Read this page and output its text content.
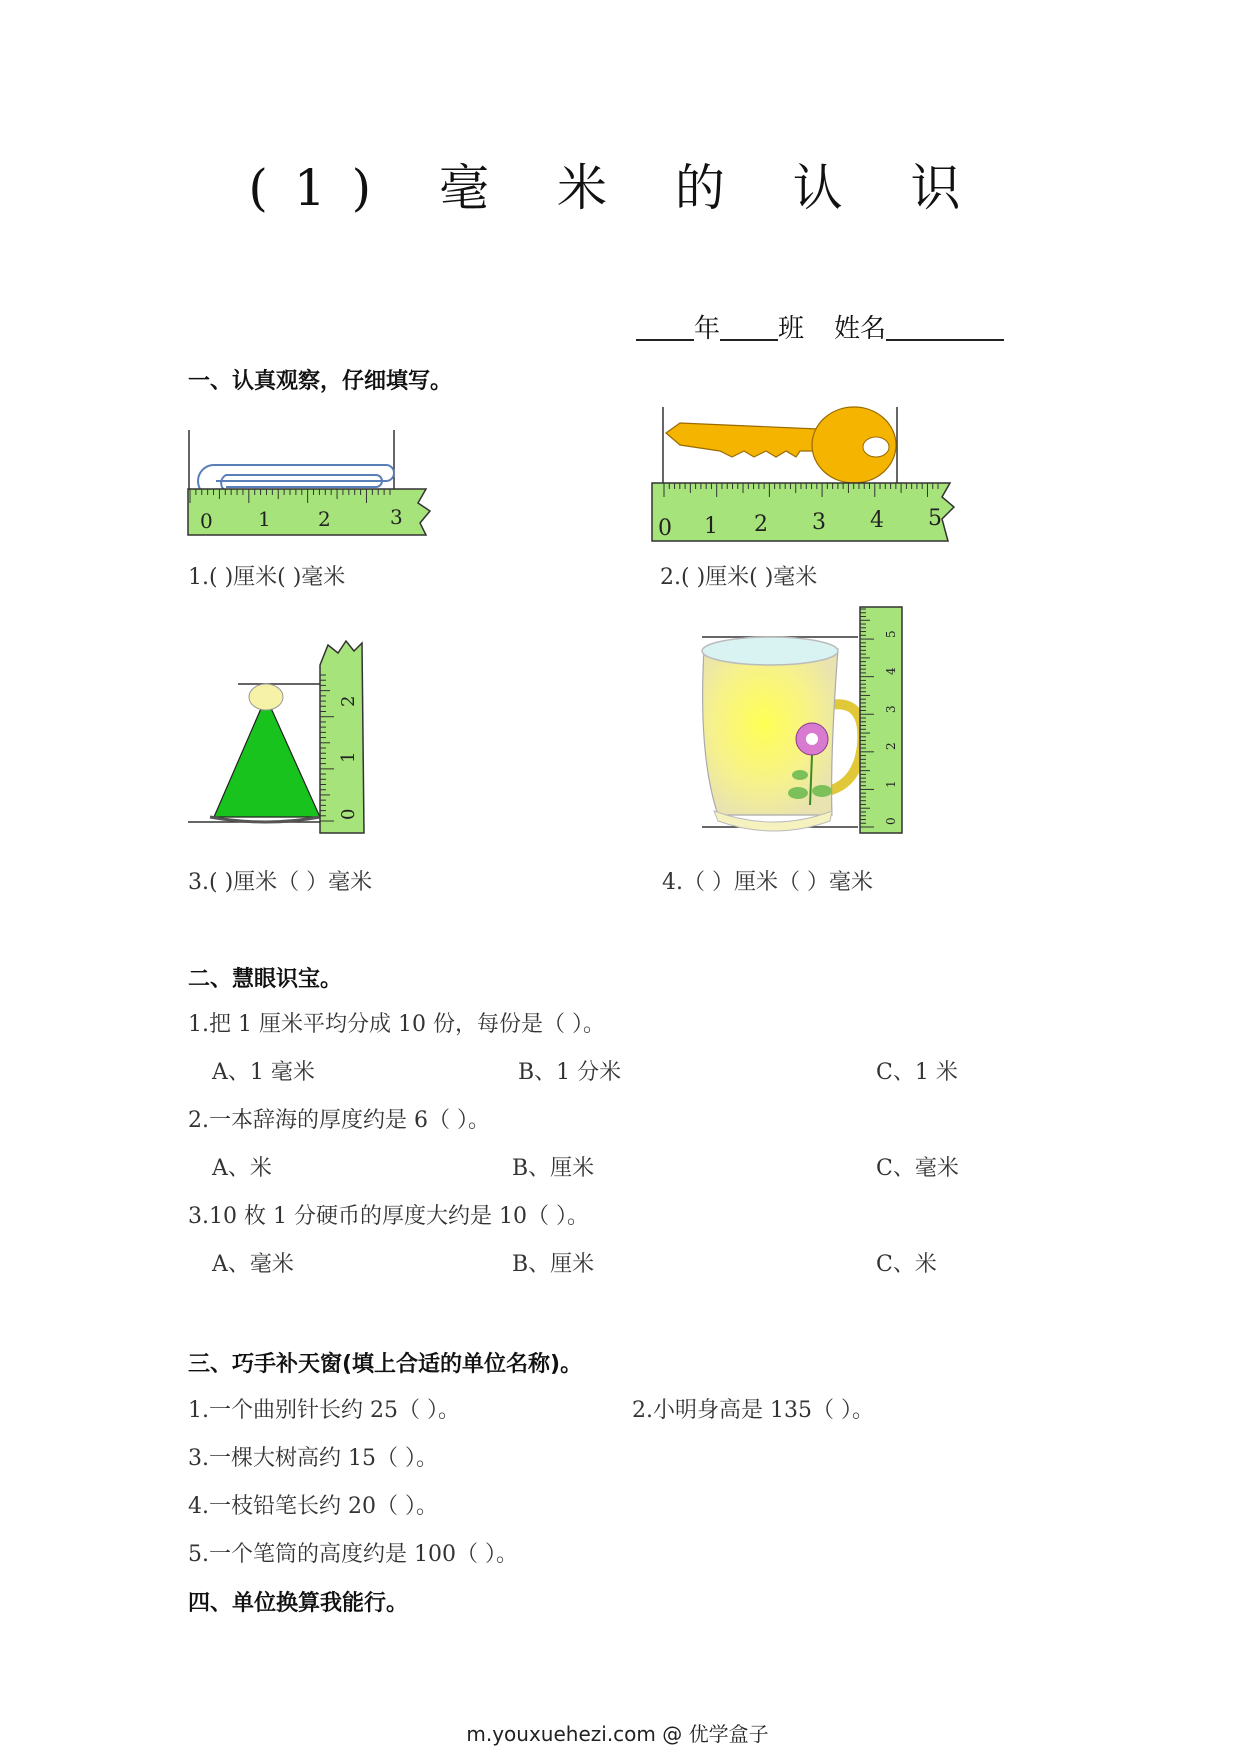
(1) 毫 米 的 认 识
年 班 姓名
一、认真观察，仔细填写。
0 1 2	3
1.( )厘米( )毫米
0 1 2 3 4 5
2.( )厘米( )毫米
0
1
2
3.( )厘米（ ）毫米
0
1
2
3
4
5
4.（ ）厘米（ ）毫米
二、慧眼识宝。
1.把 1 厘米平均分成 10 份，每份是（ ）。
A、1 毫米	B、1 分米	C、1 米
2.一本辞海的厚度约是 6（ ）。
A、米	B、厘米	C、毫米
3.10 枚 1 分硬币的厚度大约是 10（ ）。
A、毫米	B、厘米	C、米
三、巧手补天窗(填上合适的单位名称)。
1.一个曲别针长约 25（ ）。	2.小明身高是 135（ ）。
3.一棵大树高约 15（ ）。
4.一枝铅笔长约 20（ ）。
5.一个笔筒的高度约是 100（ ）。
四、单位换算我能行。
m.youxuehezi.com @ 优学盒子
